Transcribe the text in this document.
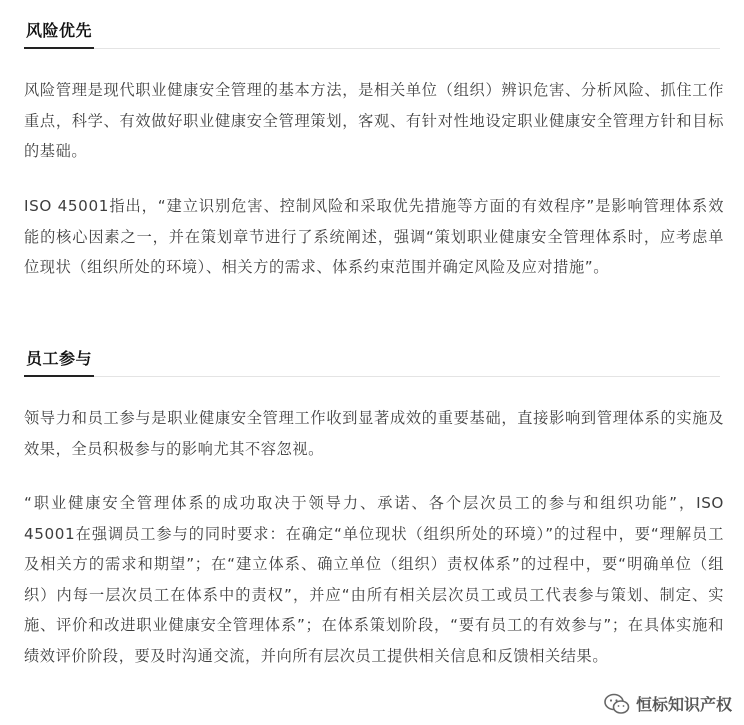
风险优先

风险管理是现代职业健康安全管理的基本方法，是相关单位（组织）辨识危害、分析风险、抓住工作重点，科学、有效做好职业健康安全管理策划，客观、有针对性地设定职业健康安全管理方针和目标的基础。

ISO 45001指出，“建立识别危害、控制风险和采取优先措施等方面的有效程序”是影响管理体系效能的核心因素之一，并在策划章节进行了系统阐述，强调“策划职业健康安全管理体系时，应考虑单位现状（组织所处的环境）、相关方的需求、体系约束范围并确定风险及应对措施”。

员工参与

领导力和员工参与是职业健康安全管理工作收到显著成效的重要基础，直接影响到管理体系的实施及效果，全员积极参与的影响尤其不容忽视。

“职业健康安全管理体系的成功取决于领导力、承诺、各个层次员工的参与和组织功能”，ISO 45001在强调员工参与的同时要求：在确定“单位现状（组织所处的环境）”的过程中，要“理解员工及相关方的需求和期望”；在“建立体系、确立单位（组织）责权体系”的过程中，要“明确单位（组织）内每一层次员工在体系中的责权”，并应“由所有相关层次员工或员工代表参与策划、制定、实施、评价和改进职业健康安全管理体系”；在体系策划阶段，“要有员工的有效参与”；在具体实施和绩效评价阶段，要及时沟通交流，并向所有层次员工提供相关信息和反馈相关结果。

恒标知识产权
